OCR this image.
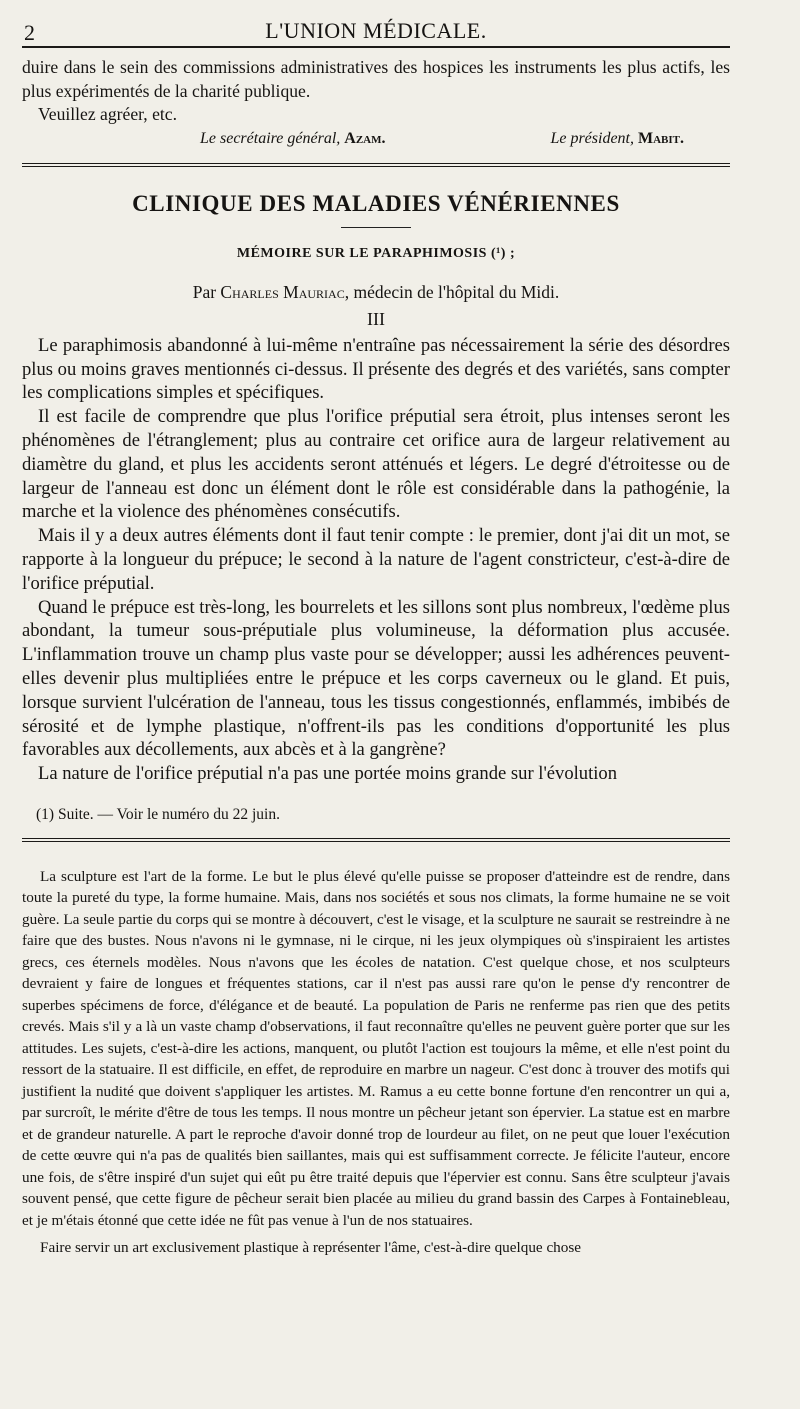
2	L'UNION MÉDICALE.

duire dans le sein des commissions administratives des hospices les instruments les plus actifs, les plus expérimentés de la charité publique.

Veuillez agréer, etc.

Le secrétaire général, Azam.	Le président, Mabit.
CLINIQUE DES MALADIES VÉNÉRIENNES
MÉMOIRE SUR LE PARAPHIMOSIS (¹) ;
Par Charles Mauriac, médecin de l'hôpital du Midi.
III

Le paraphimosis abandonné à lui-même n'entraîne pas nécessairement la série des désordres plus ou moins graves mentionnés ci-dessus. Il présente des degrés et des variétés, sans compter les complications simples et spécifiques.

Il est facile de comprendre que plus l'orifice préputial sera étroit, plus intenses seront les phénomènes de l'étranglement; plus au contraire cet orifice aura de largeur relativement au diamètre du gland, et plus les accidents seront atténués et légers. Le degré d'étroitesse ou de largeur de l'anneau est donc un élément dont le rôle est considérable dans la pathogénie, la marche et la violence des phénomènes consécutifs.

Mais il y a deux autres éléments dont il faut tenir compte : le premier, dont j'ai dit un mot, se rapporte à la longueur du prépuce; le second à la nature de l'agent constricteur, c'est-à-dire de l'orifice préputial.

Quand le prépuce est très-long, les bourrelets et les sillons sont plus nombreux, l'œdème plus abondant, la tumeur sous-préputiale plus volumineuse, la déformation plus accusée. L'inflammation trouve un champ plus vaste pour se développer; aussi les adhérences peuvent-elles devenir plus multipliées entre le prépuce et les corps caverneux ou le gland. Et puis, lorsque survient l'ulcération de l'anneau, tous les tissus congestionnés, enflammés, imbibés de sérosité et de lymphe plastique, n'offrent-ils pas les conditions d'opportunité les plus favorables aux décollements, aux abcès et à la gangrène?

La nature de l'orifice préputial n'a pas une portée moins grande sur l'évolution

(1) Suite. — Voir le numéro du 22 juin.

La sculpture est l'art de la forme. Le but le plus élevé qu'elle puisse se proposer d'atteindre est de rendre, dans toute la pureté du type, la forme humaine. Mais, dans nos sociétés et sous nos climats, la forme humaine ne se voit guère. La seule partie du corps qui se montre à découvert, c'est le visage, et la sculpture ne saurait se restreindre à ne faire que des bustes. Nous n'avons ni le gymnase, ni le cirque, ni les jeux olympiques où s'inspiraient les artistes grecs, ces éternels modèles. Nous n'avons que les écoles de natation. C'est quelque chose, et nos sculpteurs devraient y faire de longues et fréquentes stations, car il n'est pas aussi rare qu'on le pense d'y rencontrer de superbes spécimens de force, d'élégance et de beauté. La population de Paris ne renferme pas rien que des petits crevés. Mais s'il y a là un vaste champ d'observations, il faut reconnaître qu'elles ne peuvent guère porter que sur les attitudes. Les sujets, c'est-à-dire les actions, manquent, ou plutôt l'action est toujours la même, et elle n'est point du ressort de la statuaire. Il est difficile, en effet, de reproduire en marbre un nageur. C'est donc à trouver des motifs qui justifient la nudité que doivent s'appliquer les artistes. M. Ramus a eu cette bonne fortune d'en rencontrer un qui a, par surcroît, le mérite d'être de tous les temps. Il nous montre un pêcheur jetant son épervier. La statue est en marbre et de grandeur naturelle. A part le reproche d'avoir donné trop de lourdeur au filet, on ne peut que louer l'exécution de cette œuvre qui n'a pas de qualités bien saillantes, mais qui est suffisamment correcte. Je félicite l'auteur, encore une fois, de s'être inspiré d'un sujet qui eût pu être traité depuis que l'épervier est connu. Sans être sculpteur j'avais souvent pensé, que cette figure de pêcheur serait bien placée au milieu du grand bassin des Carpes à Fontainebleau, et je m'étais étonné que cette idée ne fût pas venue à l'un de nos statuaires.

Faire servir un art exclusivement plastique à représenter l'âme, c'est-à-dire quelque chose
